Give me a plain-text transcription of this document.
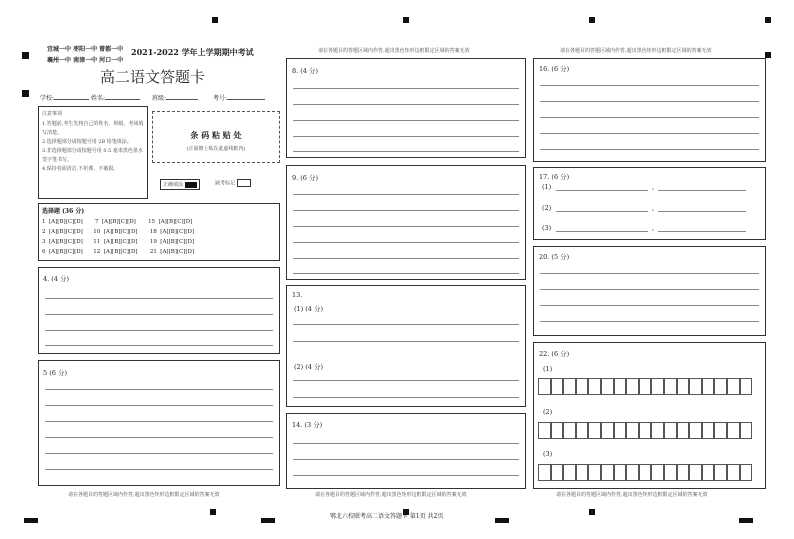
宜城一中 枣阳一中 曾都一中
襄州一中 南漳一中 河口一中
2021-2022 学年上学期期中考试
高二语文答题卡
学校:	姓名:	班级:	考号:
注意事项
1.答题前,考生先将自己的姓名、班级、考场填写清楚。
2.选择题部分请按题号用 2B 铅笔填涂。
3.非选择题部分请按题号用 0.5 毫米黑色墨水签字笔书写。
4.保持卷面清洁,不折叠、不破损。
条 码 粘 贴 处
(正面朝上贴在此虚线框内)
正确填涂	缺考标记
选择题 (36 分)
1  [A][B][C][D]       7  [A][B][C][D]       15  [A][B][C][D]
2  [A][B][C][D]      10  [A][B][C][D]       18  [A][B][C][D]
3  [A][B][C][D]      11  [A][B][C][D]       19  [A][B][C][D]
6  [A][B][C][D]      12  [A][B][C][D]       21  [A][B][C][D]
4. (4 分)
5 (6 分)
请在各题目的答题区域内作答,超出黑色矩形边框限定区域的答案无效
请在各题目的答题区域内作答,超出黑色矩形边框限定区域的答案无效
8. (4 分)
9. (6 分)
13.
(1) (4 分)
(2) (4 分)
14. (3 分)
请在各题目的答题区域内作答,超出黑色矩形边框限定区域的答案无效
请在各题目的答题区域内作答,超出黑色矩形边框限定区域的答案无效
16. (6 分)
17. (6 分)
(1)	,
(2)	,
(3)	,
20. (5 分)
22. (6 分)
(1)
(2)
(3)
请在各题目的答题区域内作答,超出黑色矩形边框限定区域的答案无效
鄂北六校联考高二语文答题卡 第1页 共2页
